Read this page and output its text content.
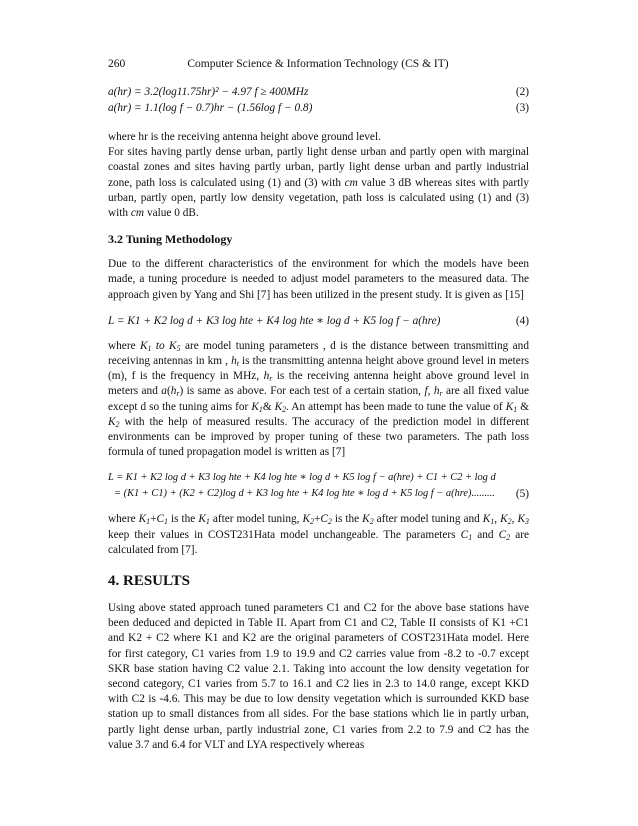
260	Computer Science & Information Technology (CS & IT)
a(hr) = 3.2(log11.75hr)² − 4.97 f ≥ 400MHz	(2)
a(hr) = 1.1(log f − 0.7)hr − (1.56log f − 0.8)	(3)

where hr is the receiving antenna height above ground level.

For sites having partly dense urban, partly light dense urban and partly open with marginal coastal zones and sites having partly urban, partly light dense urban and partly industrial zone, path loss is calculated using (1) and (3) with cm value 3 dB whereas sites with partly urban, partly open, partly low density vegetation, path loss is calculated using (1) and (3) with cm value 0 dB.

3.2 Tuning Methodology

Due to the different characteristics of the environment for which the models have been made, a tuning procedure is needed to adjust model parameters to the measured data. The approach given by Yang and Shi [7] has been utilized in the present study. It is given as [15]

L = K1 + K2 log d + K3 log hte + K4 log hte ∗ log d + K5 log f − a(hre)	(4)

where $K_1$ to $K_5$ are model tuning parameters , d is the distance between transmitting and receiving antennas in km , $h_t$ is the transmitting antenna height above ground level in meters (m), f is the frequency in MHz, $h_r$ is the receiving antenna height above ground level in meters and $a(h_r)$ is same as above. For each test of a certain station, f, $h_r$ are all fixed value except d so the tuning aims for $K_1\&$ $K_2$. An attempt has been made to tune the value of $K_1$ & $K_2$ with the help of measured results. The accuracy of the prediction model in different environments can be improved by proper tuning of these two parameters. The path loss formula of tuned propagation model is written as [7]

L = K1 + K2 log d + K3 log hte + K4 log hte ∗ log d + K5 log f − a(hre) + C1 + C2 + log d
= (K1 + C1) + (K2 + C2)log d + K3 log hte + K4 log hte ∗ log d + K5 log f − a(hre)......... (5)

where $K_1+C_1$ is the $K_1$ after model tuning, $K_2+C_2$ is the $K_2$ after model tuning and $K_1$, $K_2$, $K_3$ keep their values in COST231Hata model unchangeable. The parameters $C_1$ and $C_2$ are calculated from [7].

4. RESULTS

Using above stated approach tuned parameters C1 and C2 for the above base stations have been deduced and depicted in Table II. Apart from C1 and C2, Table II consists of K1 +C1 and K2 + C2 where K1 and K2 are the original parameters of COST231Hata model. Here for first category, C1 varies from 1.9 to 19.9 and C2 carries value from -8.2 to -0.7 except SKR base station having C2 value 2.1. Taking into account the low density vegetation for second category, C1 varies from 5.7 to 16.1 and C2 lies in 2.3 to 14.0 range, except KKD with C2 is -4.6. This may be due to low density vegetation which is surrounded KKD base station up to small distances from all sides. For the base stations which lie in partly urban, partly light dense urban, partly industrial zone, C1 varies from 2.2 to 7.9 and C2 has the value 3.7 and 6.4 for VLT and LYA respectively whereas
